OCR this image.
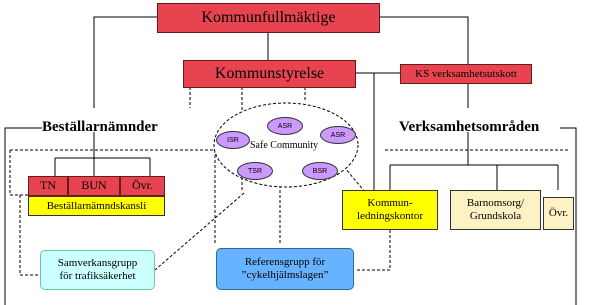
Kommunfullmäktige
Kommunstyrelse	KS verksamhetsutskott
Beställarnämnder	Verksamhetsområden
Safe Community
ASR
ASR
ISR
TSR	BSR
TN BUN Övr.
Beställarnämndskansli	Kommun-
ledningskontor
Barnomsorg/
Grundskola	Övr.
Samverkansgrupp
för trafiksäkerhet
Referensgrupp för
”cykelhjälmslagen”
